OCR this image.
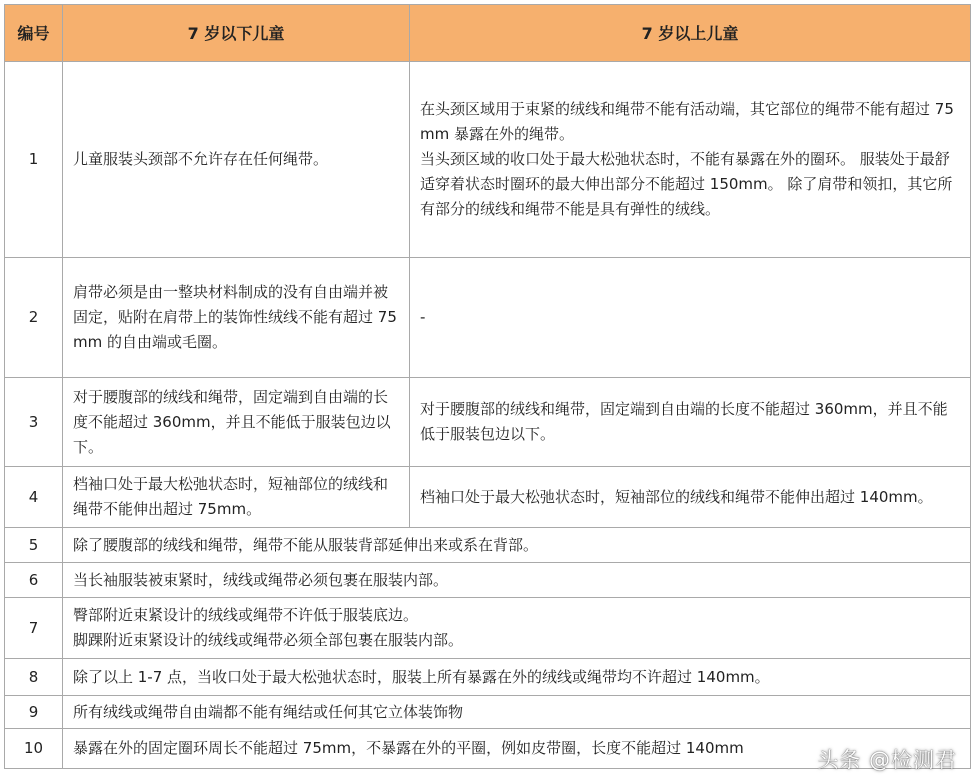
编号	7 岁以下儿童	7 岁以上儿童
1	儿童服装头颈部不允许存在任何绳带。	在头颈区域用于束紧的绒线和绳带不能有活动端，其它部位的绳带不能有超过 75mm 暴露在外的绳带。
当头颈区域的收口处于最大松弛状态时，不能有暴露在外的圈环。 服装处于最舒适穿着状态时圈环的最大伸出部分不能超过 150mm。 除了肩带和领扣，其它所有部分的绒线和绳带不能是具有弹性的绒线。

2	肩带必须是由一整块材料制成的没有自由端并被固定，贴附在肩带上的装饰性绒线不能有超过 75mm 的自由端或毛圈。	-

3	对于腰腹部的绒线和绳带，固定端到自由端的长度不能超过 360mm，并且不能低于服装包边以下。	对于腰腹部的绒线和绳带，固定端到自由端的长度不能超过 360mm，并且不能低于服装包边以下。

4	档袖口处于最大松弛状态时，短袖部位的绒线和绳带不能伸出超过 75mm。	档袖口处于最大松弛状态时，短袖部位的绒线和绳带不能伸出超过 140mm。

5	除了腰腹部的绒线和绳带，绳带不能从服装背部延伸出来或系在背部。	

6	当长袖服装被束紧时，绒线或绳带必须包裹在服装内部。	

7	臀部附近束紧设计的绒线或绳带不许低于服装底边。
脚踝附近束紧设计的绒线或绳带必须全部包裹在服装内部。	

8	除了以上 1-7 点，当收口处于最大松弛状态时，服装上所有暴露在外的绒线或绳带均不许超过 140mm。	

9	所有绒线或绳带自由端都不能有绳结或任何其它立体装饰物	

10	暴露在外的固定圈环周长不能超过 75mm，不暴露在外的平圈，例如皮带圈，长度不能超过 140mm		头条 @检测君
